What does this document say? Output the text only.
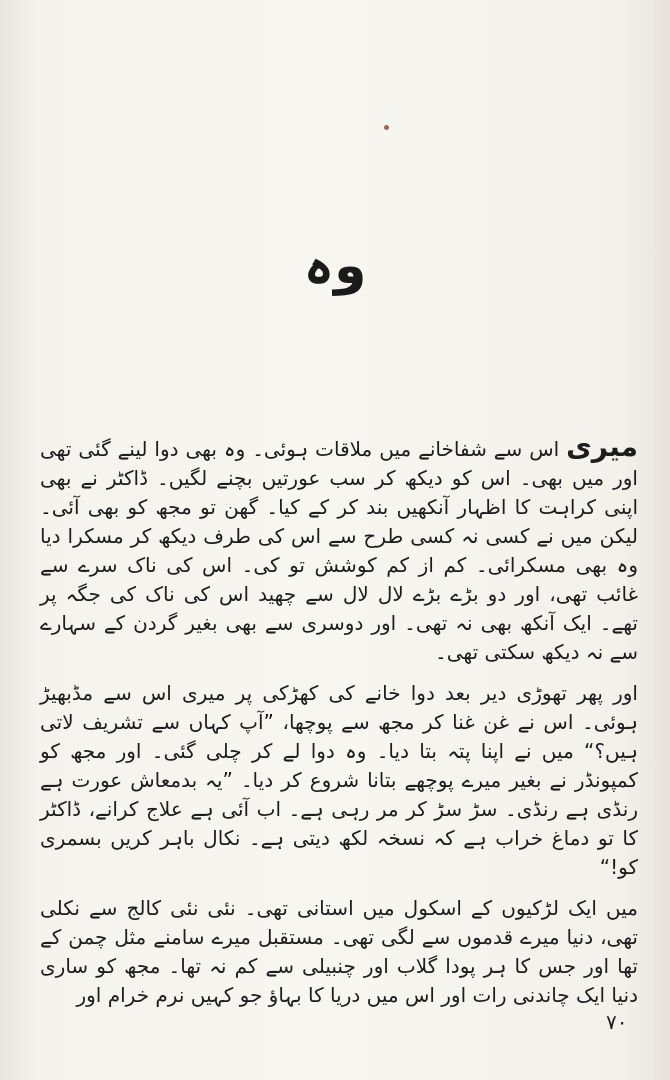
وہ

میری اس سے شفاخانے میں ملاقات ہوئی۔ وہ بھی دوا لینے گئی تھی اور میں بھی۔ اس کو دیکھ کر سب عورتیں بچنے لگیں۔ ڈاکٹر نے بھی اپنی کراہت کا اظہار آنکھیں بند کر کے کیا۔ گھن تو مجھ کو بھی آئی۔ لیکن میں نے کسی نہ کسی طرح سے اس کی طرف دیکھ کر مسکرا دیا وہ بھی مسکرائی۔ کم از کم کوشش تو کی۔ اس کی ناک سرے سے غائب تھی، اور دو بڑے بڑے لال لال سے چھید اس کی ناک کی جگہ پر تھے۔ ایک آنکھ بھی نہ تھی۔ اور دوسری سے بھی بغیر گردن کے سہارے سے نہ دیکھ سکتی تھی۔

اور پھر تھوڑی دیر بعد دوا خانے کی کھڑکی پر میری اس سے مڈبھیڑ ہوئی۔ اس نے غن غنا کر مجھ سے پوچھا، ”آپ کہاں سے تشریف لاتی ہیں؟“ میں نے اپنا پتہ بتا دیا۔ وہ دوا لے کر چلی گئی۔ اور مجھ کو کمپونڈر نے بغیر میرے پوچھے بتانا شروع کر دیا۔ ”یہ بدمعاش عورت ہے رنڈی ہے رنڈی۔ سڑ سڑ کر مر رہی ہے۔ اب آئی ہے علاج کرانے، ڈاکٹر کا تو دماغ خراب ہے کہ نسخہ لکھ دیتی ہے۔ نکال باہر کریں بسمری کو!“

میں ایک لڑکیوں کے اسکول میں استانی تھی۔ نئی نئی کالج سے نکلی تھی، دنیا میرے قدموں سے لگی تھی۔ مستقبل میرے سامنے مثل چمن کے تھا اور جس کا ہر پودا گلاب اور چنبیلی سے کم نہ تھا۔ مجھ کو ساری دنیا ایک چاندنی رات اور اس میں دریا کا بہاؤ جو کہیں نرم خرام اور

۷۰
